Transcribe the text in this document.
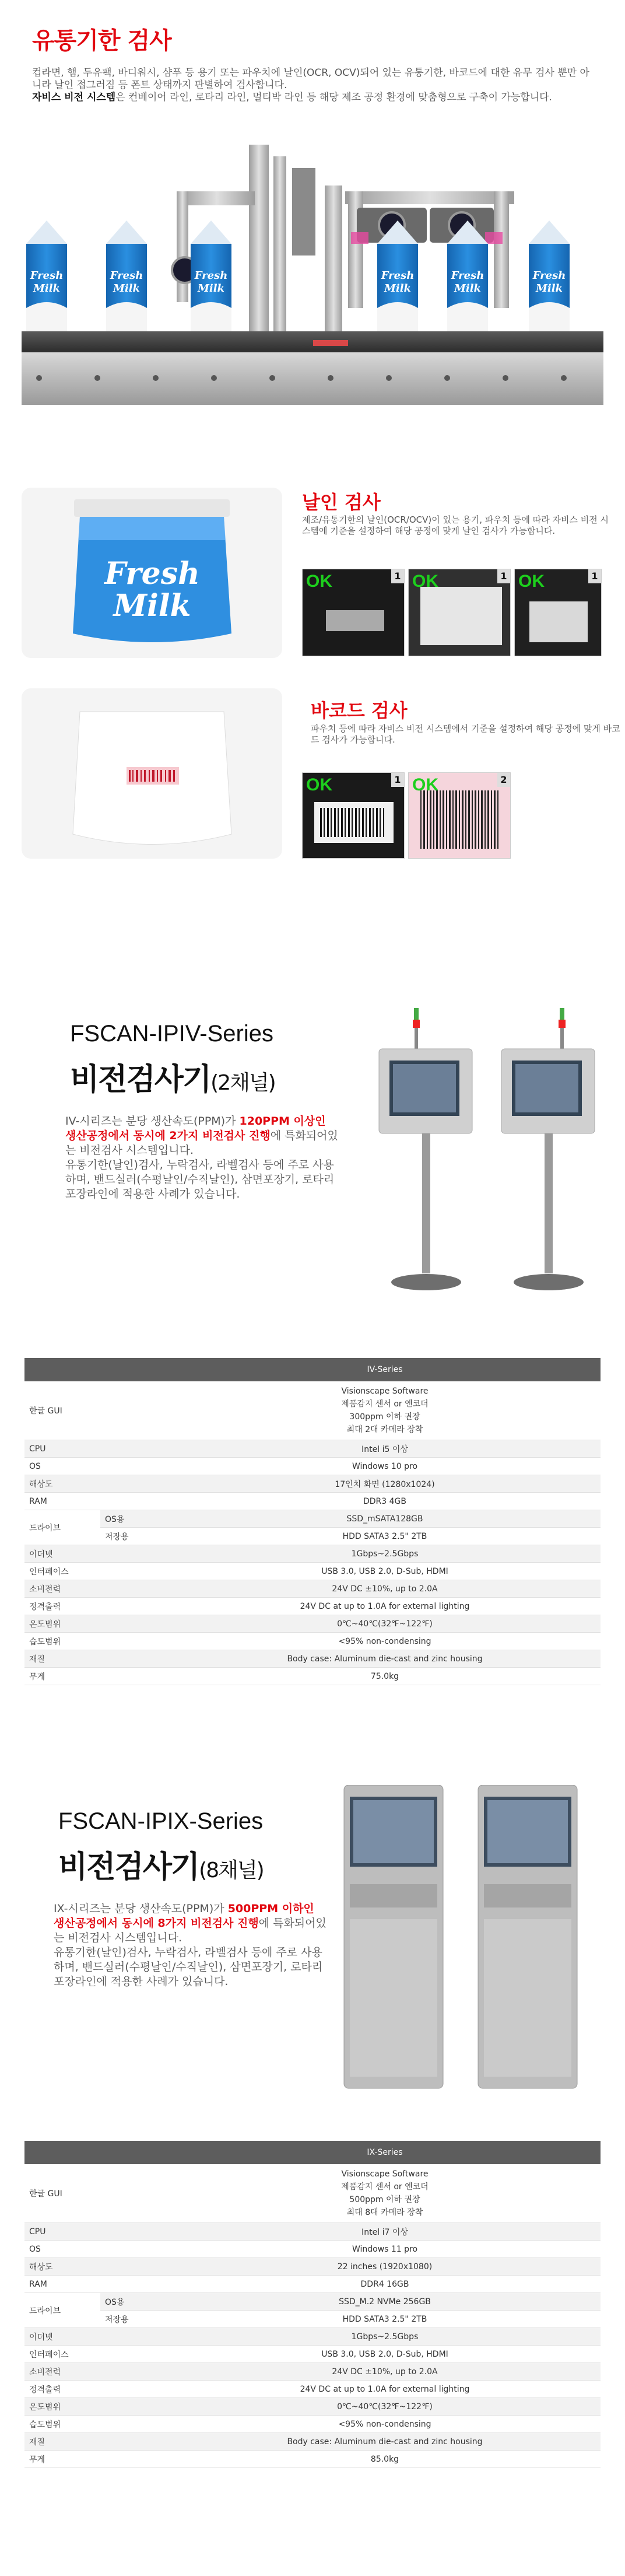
유통기한 검사

컵라면, 햄, 두유팩, 바디워시, 샴푸 등 용기 또는 파우치에 날인(OCR, OCV)되어 있는 유통기한, 바코드에 대한 유무 검사 뿐만 아니라 날인 접그러짐 등 폰트 상태까지 판별하여 검사합니다.

자비스 비전 시스템은 컨베이어 라인, 로타리 라인, 멀티박 라인 등 해당 제조 공정 환경에 맞춤형으로 구축이 가능합니다.

Fresh
Milk
Fresh
Milk
Fresh
Milk
Fresh
Milk
Fresh
Milk
Fresh
Milk
Fresh
Milk
날인 검사
제조/유통기한의 날인(OCR/OCV)이 있는 용기, 파우치 등에 따라 자비스 비전 시스템에 기준을 설정하여 해당 공정에 맞게 날인 검사가 가능합니다.
OK	1 OK	1 OK	1
바코드 검사
파우치 등에 따라 자비스 비전 시스템에서 기준을 설정하여 해당 공정에 맞게 바코드 검사가 가능합니다.
OK	1 OK	2
FSCAN-IPIV-Series
비전검사기(2채널)
IV-시리즈는 분당 생산속도(PPM)가 120PPM 이상인 생산공정에서 동시에 2가지 비전검사 진행에 특화되어있는 비전검사 시스템입니다.
유통기한(날인)검사, 누락검사, 라벨검사 등에 주로 사용하며, 밴드실러(수평날인/수직날인), 삼면포장기, 로타리 포장라인에 적용한 사례가 있습니다.
		IV-Series
한글 GUI		Visionscape Software
제품감지 센서 or 엔코더
300ppm 이하 권장
최대 2대 카메라 장착

CPU		Intel i5 이상
OS		Windows 10 pro
해상도		17인치 화면 (1280x1024)
RAM		DDR3 4GB
드라이브	OS용	SSD_mSATA128GB
	저장용	HDD SATA3 2.5" 2TB
이더넷		1Gbps~2.5Gbps
인터페이스		USB 3.0, USB 2.0, D-Sub, HDMI
소비전력		24V DC ±10%, up to 2.0A
정격출력		24V DC at up to 1.0A for external lighting
온도범위		0℃~40℃(32℉~122℉)
습도범위		<95% non-condensing
재질		Body case: Aluminum die-cast and zinc housing
무게		75.0kg
FSCAN-IPIX-Series
비전검사기(8채널)
IX-시리즈는 분당 생산속도(PPM)가 500PPM 이하인 생산공정에서 동시에 8가지 비전검사 진행에 특화되어있는 비전검사 시스템입니다.
유통기한(날인)검사, 누락검사, 라벨검사 등에 주로 사용하며, 밴드실러(수평날인/수직날인), 삼면포장기, 로타리 포장라인에 적용한 사례가 있습니다.
		IX-Series
한글 GUI		Visionscape Software
제품감지 센서 or 엔코더
500ppm 이하 권장
최대 8대 카메라 장착

CPU		Intel i7 이상
OS		Windows 11 pro
해상도		22 inches (1920x1080)
RAM		DDR4 16GB
드라이브	OS용	SSD_M.2 NVMe 256GB
	저장용	HDD SATA3 2.5" 2TB
이더넷		1Gbps~2.5Gbps
인터페이스		USB 3.0, USB 2.0, D-Sub, HDMI
소비전력		24V DC ±10%, up to 2.0A
정격출력		24V DC at up to 1.0A for external lighting
온도범위		0℃~40℃(32℉~122℉)
습도범위		<95% non-condensing
재질		Body case: Aluminum die-cast and zinc housing
무게		85.0kg
